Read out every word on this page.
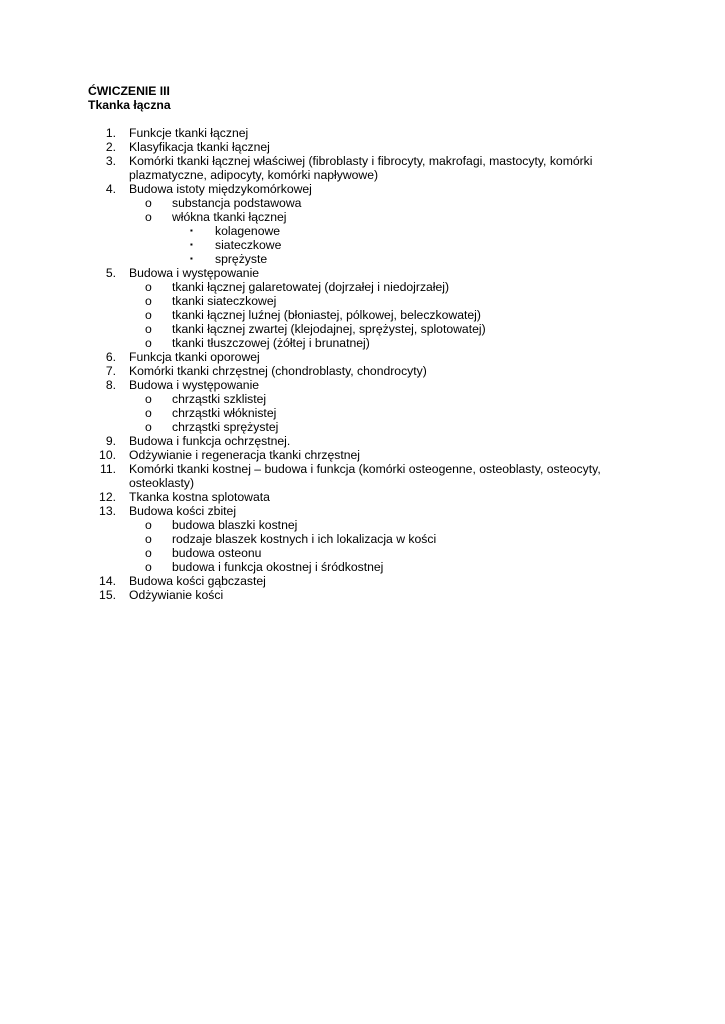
ĆWICZENIE III
Tkanka łączna
1. Funkcje tkanki łącznej
2. Klasyfikacja tkanki łącznej
3. Komórki tkanki łącznej właściwej (fibroblasty i fibrocyty, makrofagi, mastocyty, komórki plazmatyczne, adipocyty, komórki napływowe)
4. Budowa istoty międzykomórkowej
o	substancja podstawowa
o	włókna tkanki łącznej
▪ kolagenowe
▪ siateczkowe
▪ sprężyste
5. Budowa i występowanie
o	tkanki łącznej galaretowatej (dojrzałej i niedojrzałej)
o	tkanki siateczkowej
o	tkanki łącznej luźnej (błoniastej, pólkowej, beleczkowatej)
o	tkanki łącznej zwartej (klejodajnej, sprężystej, splotowatej)
o	tkanki tłuszczowej (żółtej i brunatnej)
6. Funkcja tkanki oporowej
7. Komórki tkanki chrzęstnej (chondroblasty, chondrocyty)
8. Budowa i występowanie
o	chrząstki szklistej
o	chrząstki włóknistej
o	chrząstki sprężystej
9. Budowa i funkcja ochrzęstnej.
10. Odżywianie i regeneracja tkanki chrzęstnej
11. Komórki tkanki kostnej – budowa i funkcja (komórki osteogenne, osteoblasty, osteocyty, osteoklasty)
12. Tkanka kostna splotowata
13. Budowa kości zbitej
o	budowa blaszki kostnej
o	rodzaje blaszek kostnych i ich lokalizacja w kości
o	budowa osteonu
o	budowa i funkcja okostnej i śródkostnej
14. Budowa kości gąbczastej
15. Odżywianie kości
